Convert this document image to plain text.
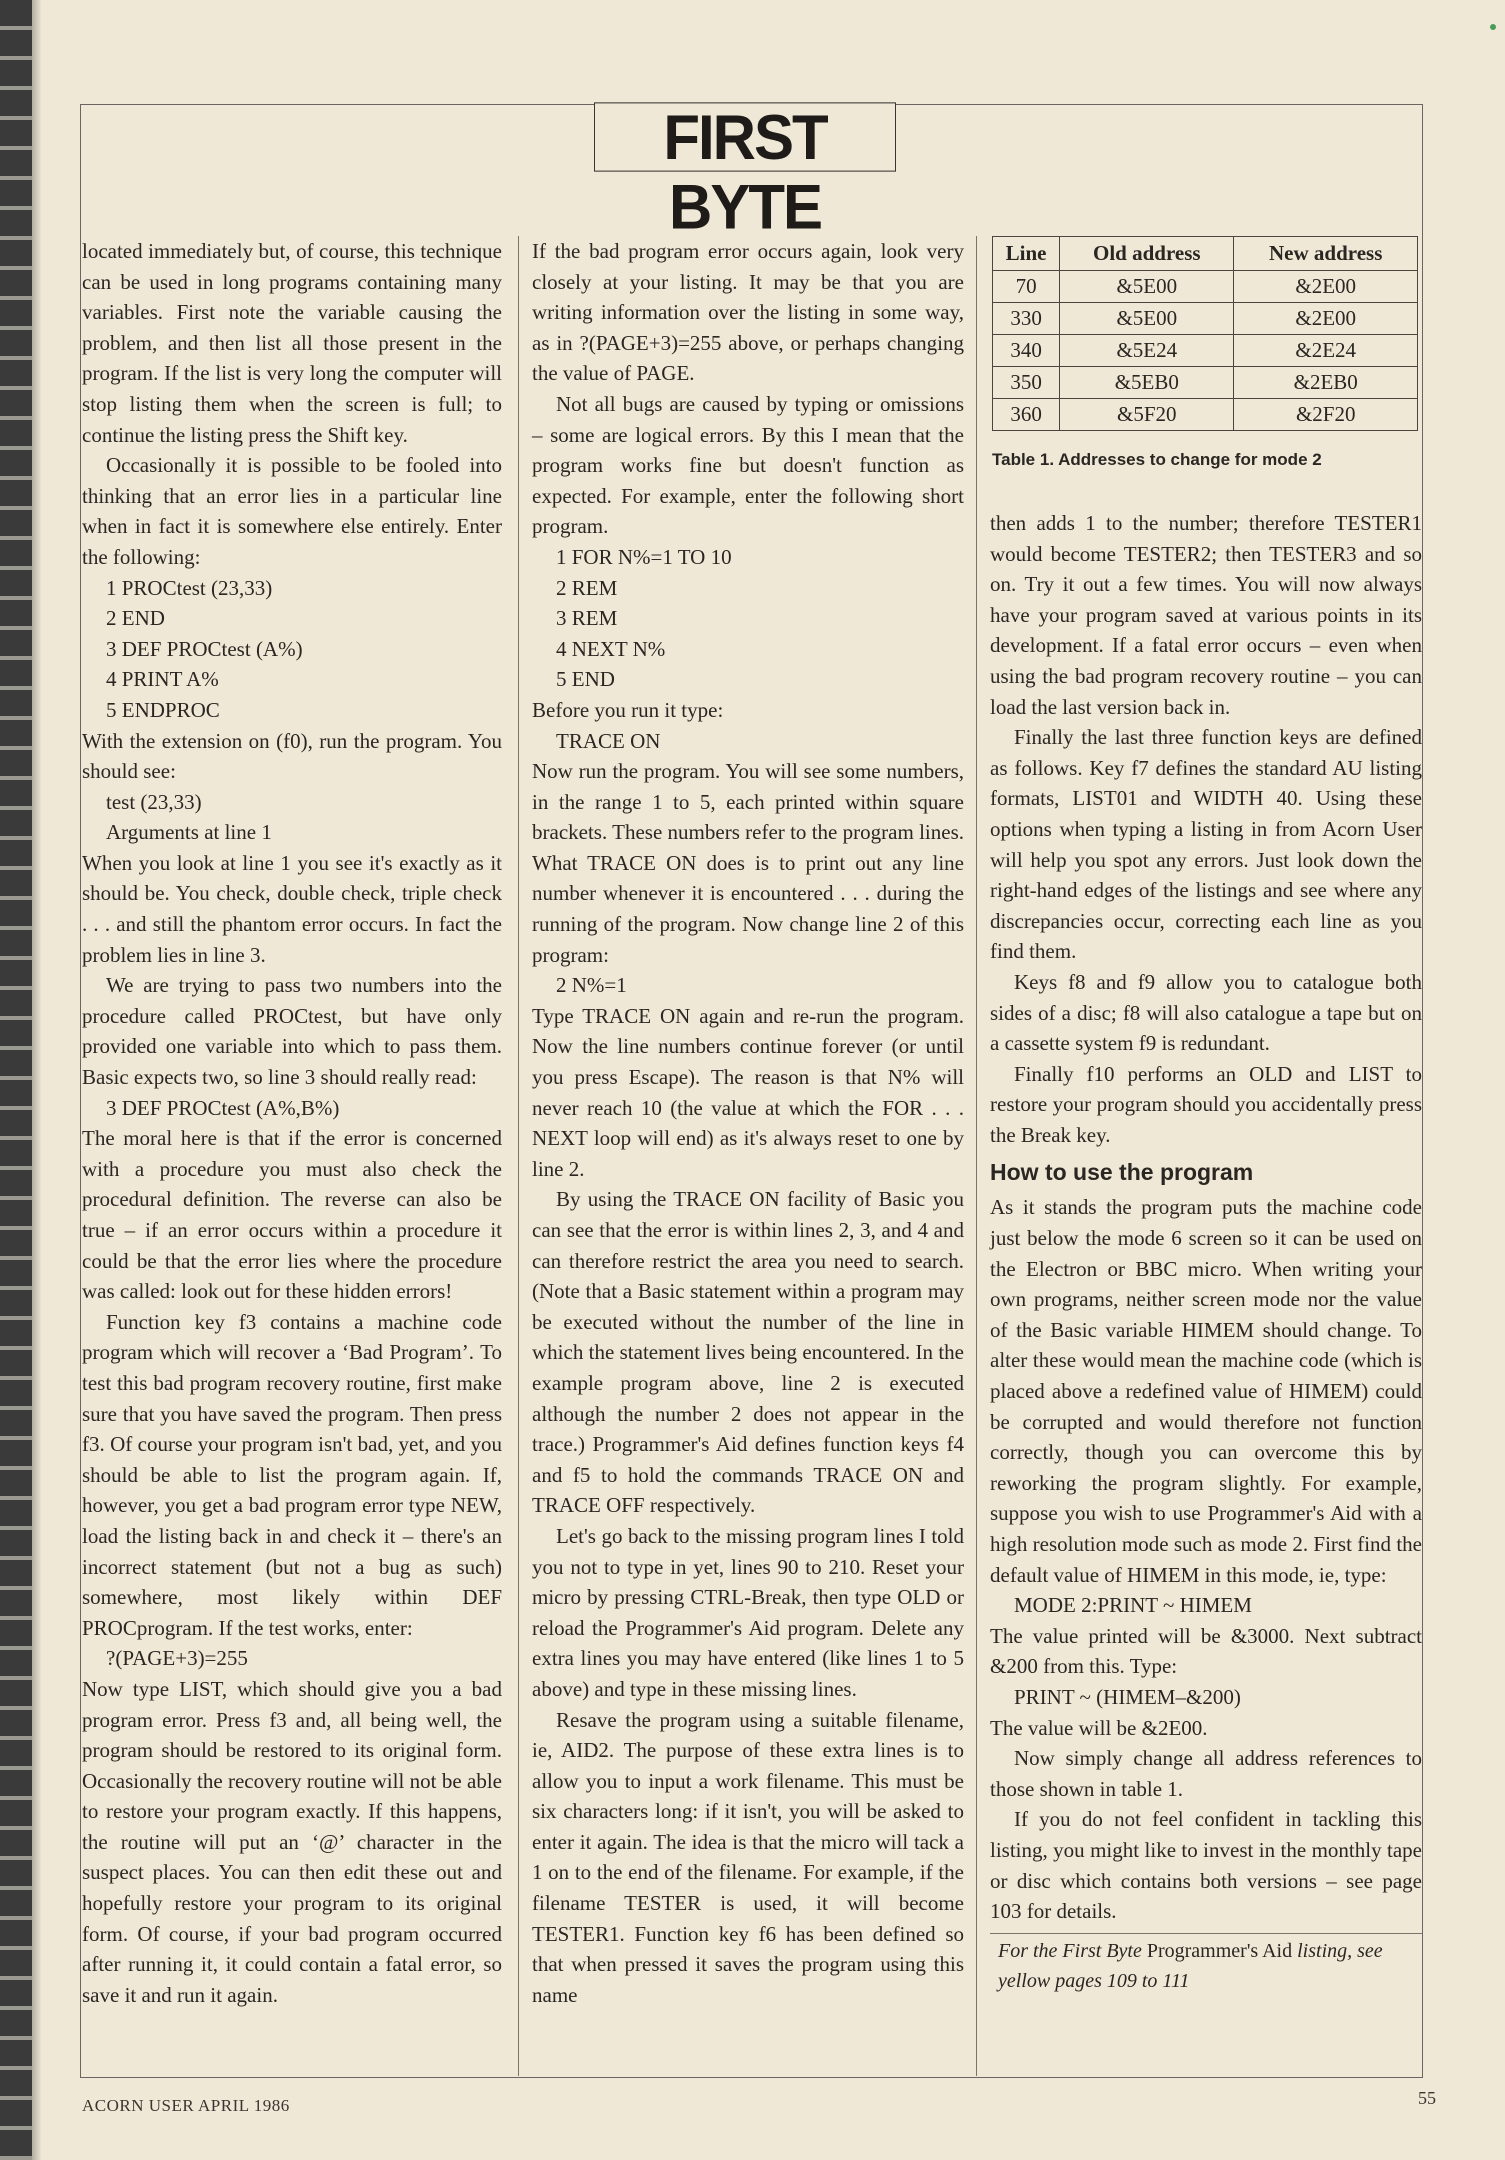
FIRST BYTE

located immediately but, of course, this technique can be used in long programs containing many variables. First note the variable causing the problem, and then list all those present in the program. If the list is very long the computer will stop listing them when the screen is full; to continue the listing press the Shift key.

Occasionally it is possible to be fooled into thinking that an error lies in a particular line when in fact it is somewhere else entirely. Enter the following:

1 PROCtest (23,33)

2 END

3 DEF PROCtest (A%)

4 PRINT A%

5 ENDPROC

With the extension on (f0), run the program. You should see:

test (23,33)

Arguments at line 1

When you look at line 1 you see it's exactly as it should be. You check, double check, triple check . . . and still the phantom error occurs. In fact the problem lies in line 3.

We are trying to pass two numbers into the procedure called PROCtest, but have only provided one variable into which to pass them. Basic expects two, so line 3 should really read:

3 DEF PROCtest (A%,B%)

The moral here is that if the error is concerned with a procedure you must also check the procedural definition. The reverse can also be true – if an error occurs within a procedure it could be that the error lies where the procedure was called: look out for these hidden errors!

Function key f3 contains a machine code program which will recover a ‘Bad Program’. To test this bad program recovery routine, first make sure that you have saved the program. Then press f3. Of course your program isn't bad, yet, and you should be able to list the program again. If, however, you get a bad program error type NEW, load the listing back in and check it – there's an incorrect statement (but not a bug as such) somewhere, most likely within DEF PROCprogram. If the test works, enter:

?(PAGE+3)=255

Now type LIST, which should give you a bad program error. Press f3 and, all being well, the program should be restored to its original form. Occasionally the recovery routine will not be able to restore your program exactly. If this happens, the routine will put an ‘@’ character in the suspect places. You can then edit these out and hopefully restore your program to its original form. Of course, if your bad program occurred after running it, it could contain a fatal error, so save it and run it again.

If the bad program error occurs again, look very closely at your listing. It may be that you are writing information over the listing in some way, as in ?(PAGE+3)=255 above, or perhaps changing the value of PAGE.

Not all bugs are caused by typing or omissions – some are logical errors. By this I mean that the program works fine but doesn't function as expected. For example, enter the following short program.

1 FOR N%=1 TO 10

2 REM

3 REM

4 NEXT N%

5 END

Before you run it type:

TRACE ON

Now run the program. You will see some numbers, in the range 1 to 5, each printed within square brackets. These numbers refer to the program lines. What TRACE ON does is to print out any line number whenever it is encountered . . . during the running of the program. Now change line 2 of this program:

2 N%=1

Type TRACE ON again and re-run the program. Now the line numbers continue forever (or until you press Escape). The reason is that N% will never reach 10 (the value at which the FOR . . . NEXT loop will end) as it's always reset to one by line 2.

By using the TRACE ON facility of Basic you can see that the error is within lines 2, 3, and 4 and can therefore restrict the area you need to search. (Note that a Basic statement within a program may be executed without the number of the line in which the statement lives being encountered. In the example program above, line 2 is executed although the number 2 does not appear in the trace.) Programmer's Aid defines function keys f4 and f5 to hold the commands TRACE ON and TRACE OFF respectively.

Let's go back to the missing program lines I told you not to type in yet, lines 90 to 210. Reset your micro by pressing CTRL-Break, then type OLD or reload the Programmer's Aid program. Delete any extra lines you may have entered (like lines 1 to 5 above) and type in these missing lines.

Resave the program using a suitable filename, ie, AID2. The purpose of these extra lines is to allow you to input a work filename. This must be six characters long: if it isn't, you will be asked to enter it again. The idea is that the micro will tack a 1 on to the end of the filename. For example, if the filename TESTER is used, it will become TESTER1. Function key f6 has been defined so that when pressed it saves the program using this name

Line	Old address	New address
70	&5E00	&2E00
330	&5E00	&2E00
340	&5E24	&2E24
350	&5EB0	&2EB0
360	&5F20	&2F20
Table 1. Addresses to change for mode 2

then adds 1 to the number; therefore TESTER1 would become TESTER2; then TESTER3 and so on. Try it out a few times. You will now always have your program saved at various points in its development. If a fatal error occurs – even when using the bad program recovery routine – you can load the last version back in.

Finally the last three function keys are defined as follows. Key f7 defines the standard AU listing formats, LIST01 and WIDTH 40. Using these options when typing a listing in from Acorn User will help you spot any errors. Just look down the right-hand edges of the listings and see where any discrepancies occur, correcting each line as you find them.

Keys f8 and f9 allow you to catalogue both sides of a disc; f8 will also catalogue a tape but on a cassette system f9 is redundant.

Finally f10 performs an OLD and LIST to restore your program should you accidentally press the Break key.

How to use the program

As it stands the program puts the machine code just below the mode 6 screen so it can be used on the Electron or BBC micro. When writing your own programs, neither screen mode nor the value of the Basic variable HIMEM should change. To alter these would mean the machine code (which is placed above a redefined value of HIMEM) could be corrupted and would therefore not function correctly, though you can overcome this by reworking the program slightly. For example, suppose you wish to use Programmer's Aid with a high resolution mode such as mode 2. First find the default value of HIMEM in this mode, ie, type:

MODE 2:PRINT ~ HIMEM

The value printed will be &3000. Next subtract &200 from this. Type:

PRINT ~ (HIMEM–&200)

The value will be &2E00.

Now simply change all address references to those shown in table 1.

If you do not feel confident in tackling this listing, you might like to invest in the monthly tape or disc which contains both versions – see page 103 for details.

For the First Byte Programmer's Aid listing, see yellow pages 109 to 111

ACORN USER APRIL 1986	55
